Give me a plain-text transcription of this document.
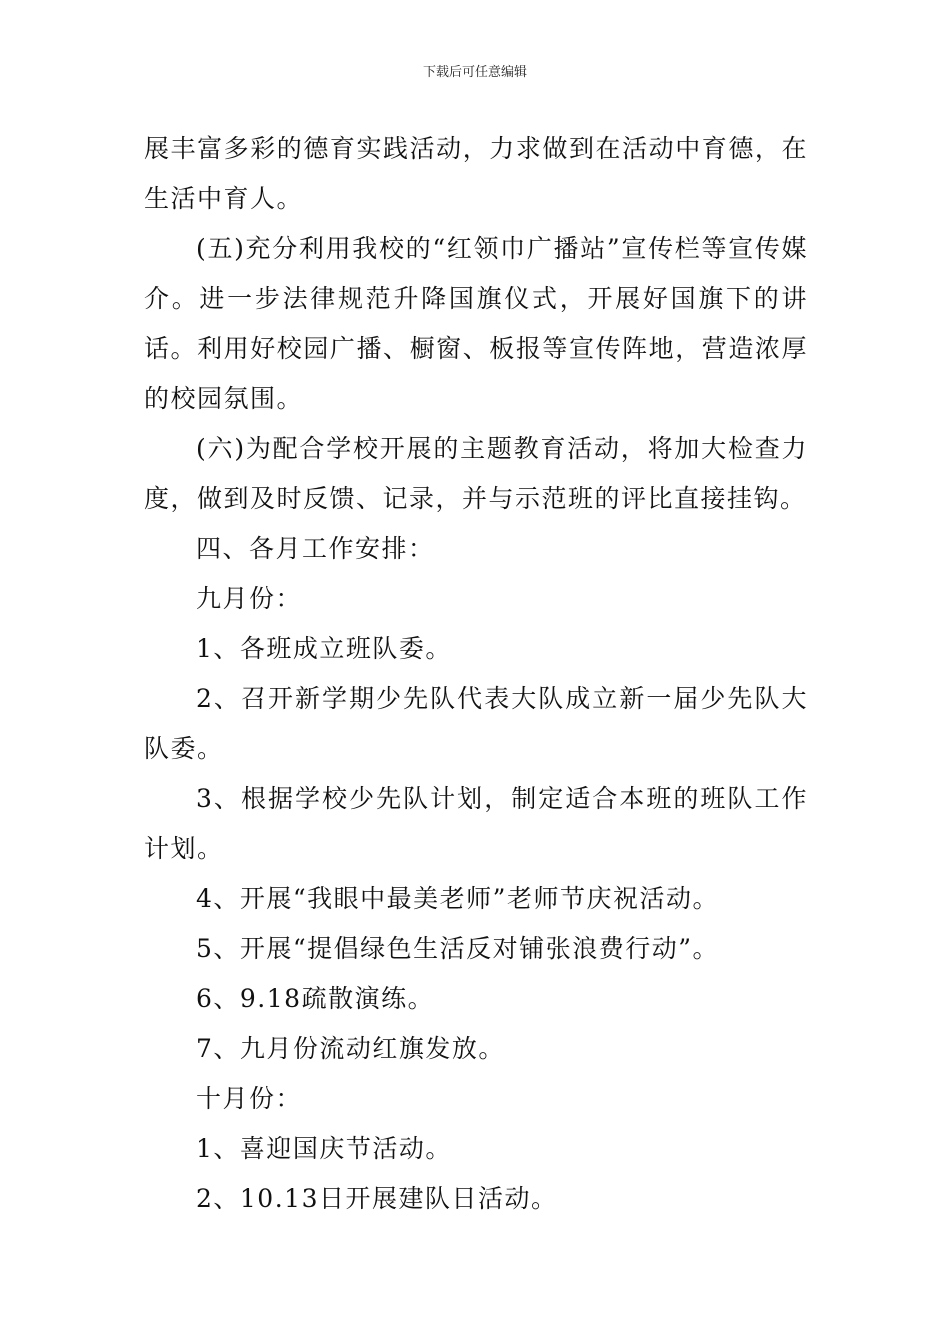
下载后可任意编辑

展丰富多彩的德育实践活动，力求做到在活动中育德，在生活中育人。

(五)充分利用我校的“红领巾广播站”宣传栏等宣传媒介。进一步法律规范升降国旗仪式，开展好国旗下的讲话。利用好校园广播、橱窗、板报等宣传阵地，营造浓厚的校园氛围。

(六)为配合学校开展的主题教育活动，将加大检查力度，做到及时反馈、记录，并与示范班的评比直接挂钩。

四、各月工作安排：

九月份：

1、各班成立班队委。

2、召开新学期少先队代表大队成立新一届少先队大队委。

3、根据学校少先队计划，制定适合本班的班队工作计划。

4、开展“我眼中最美老师”老师节庆祝活动。

5、开展“提倡绿色生活反对铺张浪费行动”。

6、9.18疏散演练。

7、九月份流动红旗发放。

十月份：

1、喜迎国庆节活动。

2、10.13日开展建队日活动。
